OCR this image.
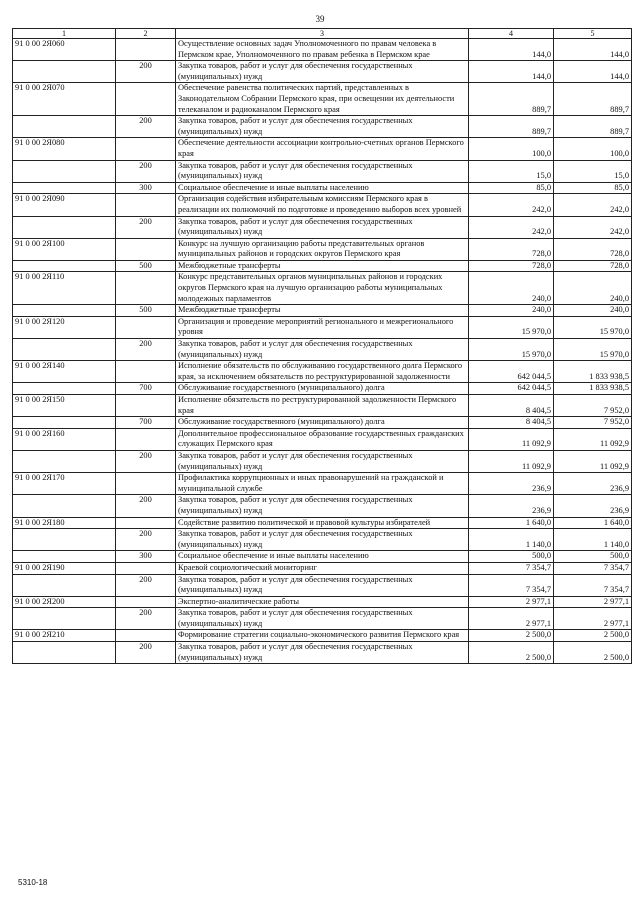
39
1	2	3	4	5
91 0 00 2Я060		Осуществление основных задач Уполномоченного по правам человека в Пермском крае, Уполномоченного по правам ребенка в Пермском крае	144,0	144,0
	200	Закупка товаров, работ и услуг для обеспечения государственных (муниципальных) нужд	144,0	144,0
91 0 00 2Я070		Обеспечение равенства политических партий, представленных в Законодательном Собрании Пермского края, при освещении их деятельности телеканалом и радиоканалом Пермского края	889,7	889,7
	200	Закупка товаров, работ и услуг для обеспечения государственных (муниципальных) нужд	889,7	889,7
91 0 00 2Я080		Обеспечение деятельности ассоциации контрольно-счетных органов Пермского края	100,0	100,0
	200	Закупка товаров, работ и услуг для обеспечения государственных (муниципальных) нужд	15,0	15,0
	300	Социальное обеспечение и иные выплаты населению	85,0	85,0
91 0 00 2Я090		Организация содействия избирательным комиссиям Пермского края в реализации их полномочий по подготовке и проведению выборов всех уровней	242,0	242,0
	200	Закупка товаров, работ и услуг для обеспечения государственных (муниципальных) нужд	242,0	242,0
91 0 00 2Я100		Конкурс на лучшую организацию работы представительных органов муниципальных районов и городских округов Пермского края	728,0	728,0
	500	Межбюджетные трансферты	728,0	728,0
91 0 00 2Я110		Конкурс представительных органов муниципальных районов и городских округов Пермского края на лучшую организацию работы муниципальных молодежных парламентов	240,0	240,0
	500	Межбюджетные трансферты	240,0	240,0
91 0 00 2Я120		Организация и проведение мероприятий регионального и межрегионального уровня	15 970,0	15 970,0
	200	Закупка товаров, работ и услуг для обеспечения государственных (муниципальных) нужд	15 970,0	15 970,0
91 0 00 2Я140		Исполнение обязательств по обслуживанию государственного долга Пермского края, за исключением обязательств по реструктурированной задолженности	642 044,5	1 833 938,5
	700	Обслуживание государственного (муниципального) долга	642 044,5	1 833 938,5
91 0 00 2Я150		Исполнение обязательств по реструктурированной задолженности Пермского края	8 404,5	7 952,0
	700	Обслуживание государственного (муниципального) долга	8 404,5	7 952,0
91 0 00 2Я160		Дополнительное профессиональное образование государственных гражданских служащих Пермского края	11 092,9	11 092,9
	200	Закупка товаров, работ и услуг для обеспечения государственных (муниципальных) нужд	11 092,9	11 092,9
91 0 00 2Я170		Профилактика коррупционных и иных правонарушений на гражданской и муниципальной службе	236,9	236,9
	200	Закупка товаров, работ и услуг для обеспечения государственных (муниципальных) нужд	236,9	236,9
91 0 00 2Я180		Содействие развитию политической и правовой культуры избирателей	1 640,0	1 640,0
	200	Закупка товаров, работ и услуг для обеспечения государственных (муниципальных) нужд	1 140,0	1 140,0
	300	Социальное обеспечение и иные выплаты населению	500,0	500,0
91 0 00 2Я190		Краевой социологический мониторинг	7 354,7	7 354,7
	200	Закупка товаров, работ и услуг для обеспечения государственных (муниципальных) нужд	7 354,7	7 354,7
91 0 00 2Я200		Экспертно-аналитические работы	2 977,1	2 977,1
	200	Закупка товаров, работ и услуг для обеспечения государственных (муниципальных) нужд	2 977,1	2 977,1
91 0 00 2Я210		Формирование стратегии социально-экономического развития Пермского края	2 500,0	2 500,0
	200	Закупка товаров, работ и услуг для обеспечения государственных (муниципальных) нужд	2 500,0	2 500,0
5310-18
